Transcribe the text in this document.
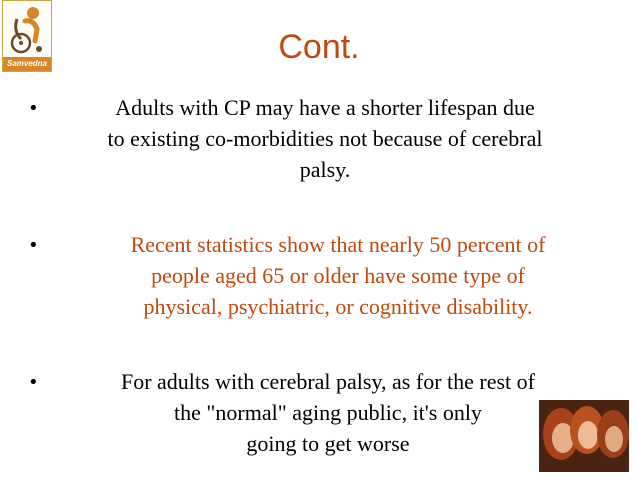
Samvedna	Cont.
•	Adults with CP may have a shorter lifespan due
to existing co-morbidities not because of cerebral
palsy.
•	Recent statistics show that nearly 50 percent of
people aged 65 or older have some type of
physical, psychiatric, or cognitive disability.
•	For adults with cerebral palsy, as for the rest of
the "normal" aging public, it's only
going to get worse
